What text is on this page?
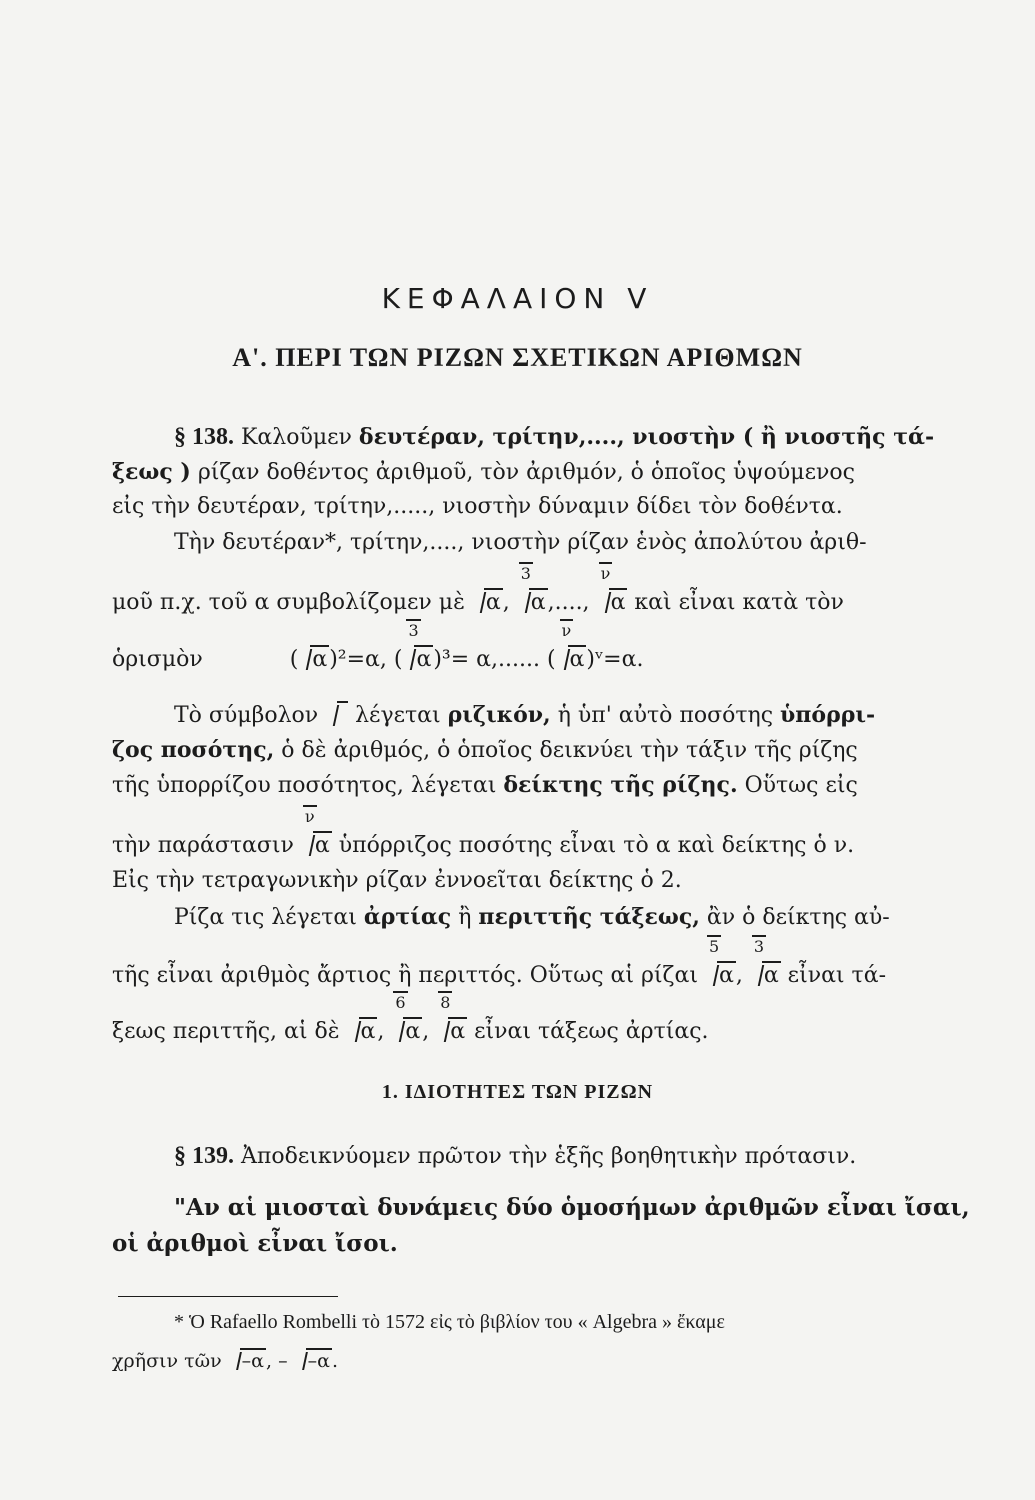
ΚΕΦΑΛΑΙΟΝ V
Α'. ΠΕΡΙ ΤΩΝ ΡΙΖΩΝ ΣΧΕΤΙΚΩΝ ΑΡΙΘΜΩΝ
§ 138. Καλοῦμεν δευτέραν, τρίτην,...., νιοστὴν ( ἢ νιοστῆς τά-
ξεως ) ρίζαν δοθέντος ἀριθμοῦ, τὸν ἀριθμόν, ὁ ὁποῖος ὑψούμενος
εἰς τὴν δευτέραν, τρίτην,....., νιοστὴν δύναμιν δίδει τὸν δοθέντα.
Τὴν δευτέραν*, τρίτην,...., νιοστὴν ρίζαν ἑνὸς ἀπολύτου ἀριθ-
μοῦ π.χ. τοῦ α συμβολίζομεν μὲ α, α
3
,...., α
ν
καὶ εἶναι κατὰ τὸν
ὁρισμὸν	( α)²=α, ( α
3
)³= α,...... ( α
ν
)ᵛ=α.
Τὸ σύμβολον   λέγεται ριζικόν, ἡ ὑπ' αὐτὸ ποσότης ὑπόρρι-
ζος ποσότης, ὁ δὲ ἀριθμός, ὁ ὁποῖος δεικνύει τὴν τάξιν τῆς ρίζης
τῆς ὑπορρίζου ποσότητος, λέγεται δείκτης τῆς ρίζης. Οὕτως εἰς
τὴν παράστασιν α
ν
ὑπόρριζος ποσότης εἶναι τὸ α καὶ δείκτης ὁ ν.
Εἰς τὴν τετραγωνικὴν ρίζαν ἐννοεῖται δείκτης ὁ 2.
Ρίζα τις λέγεται ἀρτίας ἢ περιττῆς τάξεως, ἂν ὁ δείκτης αὐ-
τῆς εἶναι ἀριθμὸς ἄρτιος ἢ περιττός. Οὕτως αἱ ρίζαι α
5
, α
3
εἶναι τά-
ξεως περιττῆς, αἱ δὲ α, α
6
, α
8
εἶναι τάξεως ἀρτίας.
1. ΙΔΙΟΤΗΤΕΣ ΤΩΝ ΡΙΖΩΝ
§ 139. Ἀποδεικνύομεν πρῶτον τὴν ἑξῆς βοηθητικὴν πρότασιν.
"Αν αἱ μιοσταὶ δυνάμεις δύο ὁμοσήμων ἀριθμῶν εἶναι ἴσαι,
οἱ ἀριθμοὶ εἶναι ἴσοι.
* Ὁ Rafaello Rombelli τὸ 1572 εἰς τὸ βιβλίον του « Algebra » ἔκαμε
χρῆσιν τῶν –α , – –α .
